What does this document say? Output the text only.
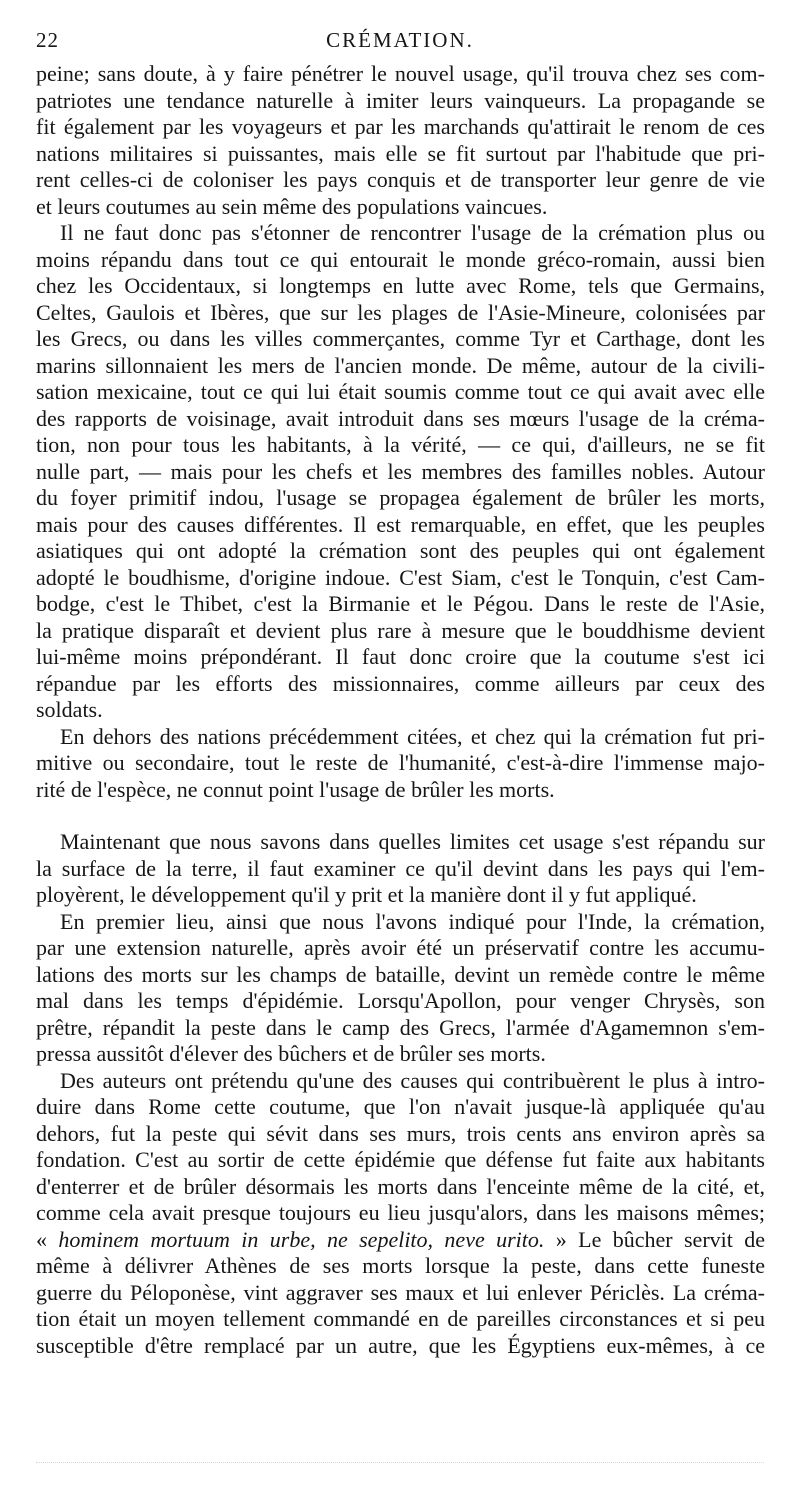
22	CRÉMATION.
peine; sans doute, à y faire pénétrer le nouvel usage, qu'il trouva chez ses com-
patriotes une tendance naturelle à imiter leurs vainqueurs. La propagande se
fit également par les voyageurs et par les marchands qu'attirait le renom de ces
nations militaires si puissantes, mais elle se fit surtout par l'habitude que pri-
rent celles-ci de coloniser les pays conquis et de transporter leur genre de vie
et leurs coutumes au sein même des populations vaincues.
Il ne faut donc pas s'étonner de rencontrer l'usage de la crémation plus ou
moins répandu dans tout ce qui entourait le monde gréco-romain, aussi bien
chez les Occidentaux, si longtemps en lutte avec Rome, tels que Germains,
Celtes, Gaulois et Ibères, que sur les plages de l'Asie-Mineure, colonisées par
les Grecs, ou dans les villes commerçantes, comme Tyr et Carthage, dont les
marins sillonnaient les mers de l'ancien monde. De même, autour de la civili-
sation mexicaine, tout ce qui lui était soumis comme tout ce qui avait avec elle
des rapports de voisinage, avait introduit dans ses mœurs l'usage de la créma-
tion, non pour tous les habitants, à la vérité, — ce qui, d'ailleurs, ne se fit
nulle part, — mais pour les chefs et les membres des familles nobles. Autour
du foyer primitif indou, l'usage se propagea également de brûler les morts,
mais pour des causes différentes. Il est remarquable, en effet, que les peuples
asiatiques qui ont adopté la crémation sont des peuples qui ont également
adopté le boudhisme, d'origine indoue. C'est Siam, c'est le Tonquin, c'est Cam-
bodge, c'est le Thibet, c'est la Birmanie et le Pégou. Dans le reste de l'Asie,
la pratique disparaît et devient plus rare à mesure que le bouddhisme devient
lui-même moins prépondérant. Il faut donc croire que la coutume s'est ici
répandue par les efforts des missionnaires, comme ailleurs par ceux des
soldats.
En dehors des nations précédemment citées, et chez qui la crémation fut pri-
mitive ou secondaire, tout le reste de l'humanité, c'est-à-dire l'immense majo-
rité de l'espèce, ne connut point l'usage de brûler les morts.
Maintenant que nous savons dans quelles limites cet usage s'est répandu sur
la surface de la terre, il faut examiner ce qu'il devint dans les pays qui l'em-
ployèrent, le développement qu'il y prit et la manière dont il y fut appliqué.
En premier lieu, ainsi que nous l'avons indiqué pour l'Inde, la crémation,
par une extension naturelle, après avoir été un préservatif contre les accumu-
lations des morts sur les champs de bataille, devint un remède contre le même
mal dans les temps d'épidémie. Lorsqu'Apollon, pour venger Chrysès, son
prêtre, répandit la peste dans le camp des Grecs, l'armée d'Agamemnon s'em-
pressa aussitôt d'élever des bûchers et de brûler ses morts.
Des auteurs ont prétendu qu'une des causes qui contribuèrent le plus à intro-
duire dans Rome cette coutume, que l'on n'avait jusque-là appliquée qu'au
dehors, fut la peste qui sévit dans ses murs, trois cents ans environ après sa
fondation. C'est au sortir de cette épidémie que défense fut faite aux habitants
d'enterrer et de brûler désormais les morts dans l'enceinte même de la cité, et,
comme cela avait presque toujours eu lieu jusqu'alors, dans les maisons mêmes;
« hominem mortuum in urbe, ne sepelito, neve urito. » Le bûcher servit de
même à délivrer Athènes de ses morts lorsque la peste, dans cette funeste
guerre du Péloponèse, vint aggraver ses maux et lui enlever Périclès. La créma-
tion était un moyen tellement commandé en de pareilles circonstances et si peu
susceptible d'être remplacé par un autre, que les Égyptiens eux-mêmes, à ce
